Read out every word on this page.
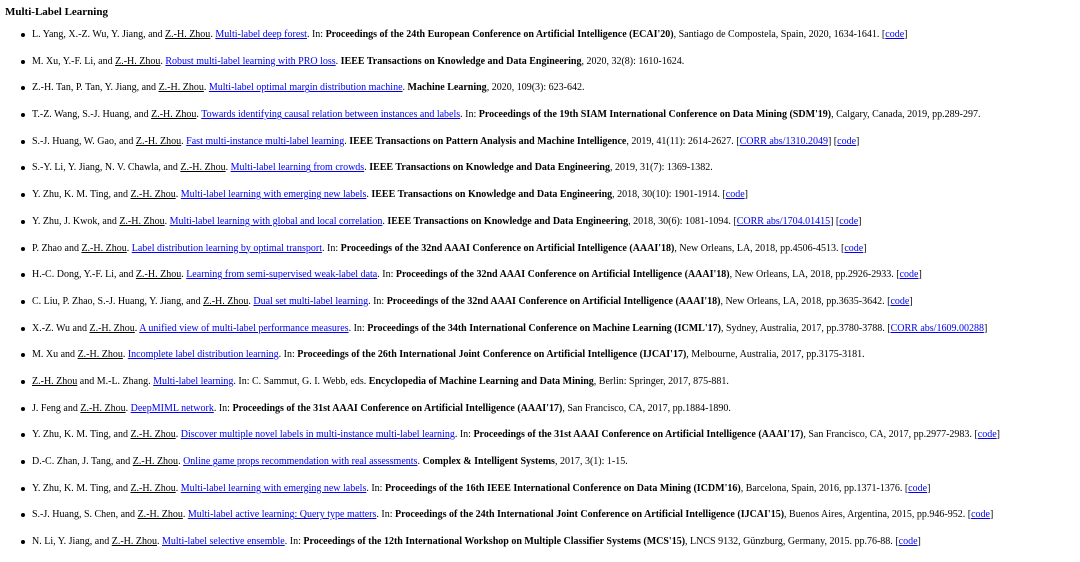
Multi-Label Learning
L. Yang, X.-Z. Wu, Y. Jiang, and Z.-H. Zhou. Multi-label deep forest. In: Proceedings of the 24th European Conference on Artificial Intelligence (ECAI'20), Santiago de Compostela, Spain, 2020, 1634-1641. [code]
M. Xu, Y.-F. Li, and Z.-H. Zhou. Robust multi-label learning with PRO loss. IEEE Transactions on Knowledge and Data Engineering, 2020, 32(8): 1610-1624.
Z.-H. Tan, P. Tan, Y. Jiang, and Z.-H. Zhou. Multi-label optimal margin distribution machine. Machine Learning, 2020, 109(3): 623-642.
T.-Z. Wang, S.-J. Huang, and Z.-H. Zhou. Towards identifying causal relation between instances and labels. In: Proceedings of the 19th SIAM International Conference on Data Mining (SDM'19), Calgary, Canada, 2019, pp.289-297.
S.-J. Huang, W. Gao, and Z.-H. Zhou. Fast multi-instance multi-label learning. IEEE Transactions on Pattern Analysis and Machine Intelligence, 2019, 41(11): 2614-2627. [CORR abs/1310.2049] [code]
S.-Y. Li, Y. Jiang, N. V. Chawla, and Z.-H. Zhou. Multi-label learning from crowds. IEEE Transactions on Knowledge and Data Engineering, 2019, 31(7): 1369-1382.
Y. Zhu, K. M. Ting, and Z.-H. Zhou. Multi-label learning with emerging new labels. IEEE Transactions on Knowledge and Data Engineering, 2018, 30(10): 1901-1914. [code]
Y. Zhu, J. Kwok, and Z.-H. Zhou. Multi-label learning with global and local correlation. IEEE Transactions on Knowledge and Data Engineering, 2018, 30(6): 1081-1094. [CORR abs/1704.01415] [code]
P. Zhao and Z.-H. Zhou. Label distribution learning by optimal transport. In: Proceedings of the 32nd AAAI Conference on Artificial Intelligence (AAAI'18), New Orleans, LA, 2018, pp.4506-4513. [code]
H.-C. Dong, Y.-F. Li, and Z.-H. Zhou. Learning from semi-supervised weak-label data. In: Proceedings of the 32nd AAAI Conference on Artificial Intelligence (AAAI'18), New Orleans, LA, 2018, pp.2926-2933. [code]
C. Liu, P. Zhao, S.-J. Huang, Y. Jiang, and Z.-H. Zhou. Dual set multi-label learning. In: Proceedings of the 32nd AAAI Conference on Artificial Intelligence (AAAI'18), New Orleans, LA, 2018, pp.3635-3642. [code]
X.-Z. Wu and Z.-H. Zhou. A unified view of multi-label performance measures. In: Proceedings of the 34th International Conference on Machine Learning (ICML'17), Sydney, Australia, 2017, pp.3780-3788. [CORR abs/1609.00288]
M. Xu and Z.-H. Zhou. Incomplete label distribution learning. In: Proceedings of the 26th International Joint Conference on Artificial Intelligence (IJCAI'17), Melbourne, Australia, 2017, pp.3175-3181.
Z.-H. Zhou and M.-L. Zhang. Multi-label learning. In: C. Sammut, G. I. Webb, eds. Encyclopedia of Machine Learning and Data Mining, Berlin: Springer, 2017, 875-881.
J. Feng and Z.-H. Zhou. DeepMIML network. In: Proceedings of the 31st AAAI Conference on Artificial Intelligence (AAAI'17), San Francisco, CA, 2017, pp.1884-1890.
Y. Zhu, K. M. Ting, and Z.-H. Zhou. Discover multiple novel labels in multi-instance multi-label learning. In: Proceedings of the 31st AAAI Conference on Artificial Intelligence (AAAI'17), San Francisco, CA, 2017, pp.2977-2983. [code]
D.-C. Zhan, J. Tang, and Z.-H. Zhou. Online game props recommendation with real assessments. Complex & Intelligent Systems, 2017, 3(1): 1-15.
Y. Zhu, K. M. Ting, and Z.-H. Zhou. Multi-label learning with emerging new labels. In: Proceedings of the 16th IEEE International Conference on Data Mining (ICDM'16), Barcelona, Spain, 2016, pp.1371-1376. [code]
S.-J. Huang, S. Chen, and Z.-H. Zhou. Multi-label active learning: Query type matters. In: Proceedings of the 24th International Joint Conference on Artificial Intelligence (IJCAI'15), Buenos Aires, Argentina, 2015, pp.946-952. [code]
N. Li, Y. Jiang, and Z.-H. Zhou. Multi-label selective ensemble. In: Proceedings of the 12th International Workshop on Multiple Classifier Systems (MCS'15), LNCS 9132, Günzburg, Germany, 2015. pp.76-88. [code]
